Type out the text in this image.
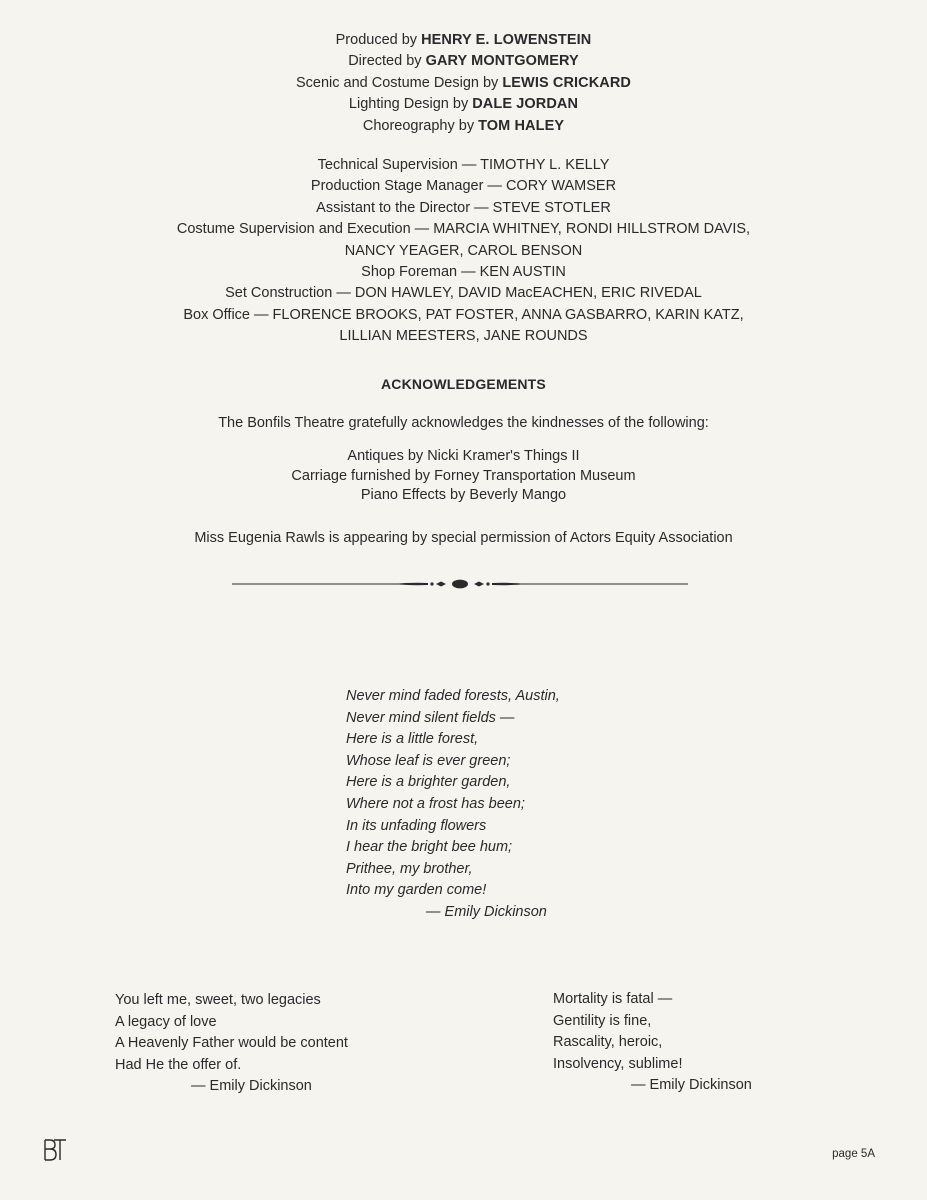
Produced by HENRY E. LOWENSTEIN
Directed by GARY MONTGOMERY
Scenic and Costume Design by LEWIS CRICKARD
Lighting Design by DALE JORDAN
Choreography by TOM HALEY
Technical Supervision — TIMOTHY L. KELLY
Production Stage Manager — CORY WAMSER
Assistant to the Director — STEVE STOTLER
Costume Supervision and Execution — MARCIA WHITNEY, RONDI HILLSTROM DAVIS,
NANCY YEAGER, CAROL BENSON
Shop Foreman — KEN AUSTIN
Set Construction — DON HAWLEY, DAVID MacEACHEN, ERIC RIVEDAL
Box Office — FLORENCE BROOKS, PAT FOSTER, ANNA GASBARRO, KARIN KATZ,
LILLIAN MEESTERS, JANE ROUNDS
ACKNOWLEDGEMENTS
The Bonfils Theatre gratefully acknowledges the kindnesses of the following:
Antiques by Nicki Kramer's Things II
Carriage furnished by Forney Transportation Museum
Piano Effects by Beverly Mango
Miss Eugenia Rawls is appearing by special permission of Actors Equity Association
Never mind faded forests, Austin,
Never mind silent fields —
Here is a little forest,
Whose leaf is ever green;
Here is a brighter garden,
Where not a frost has been;
In its unfading flowers
I hear the bright bee hum;
Prithee, my brother,
Into my garden come!
— Emily Dickinson
You left me, sweet, two legacies
A legacy of love
A Heavenly Father would be content
Had He the offer of.
— Emily Dickinson
Mortality is fatal —
Gentility is fine,
Rascality, heroic,
Insolvency, sublime!
— Emily Dickinson
page 5A
